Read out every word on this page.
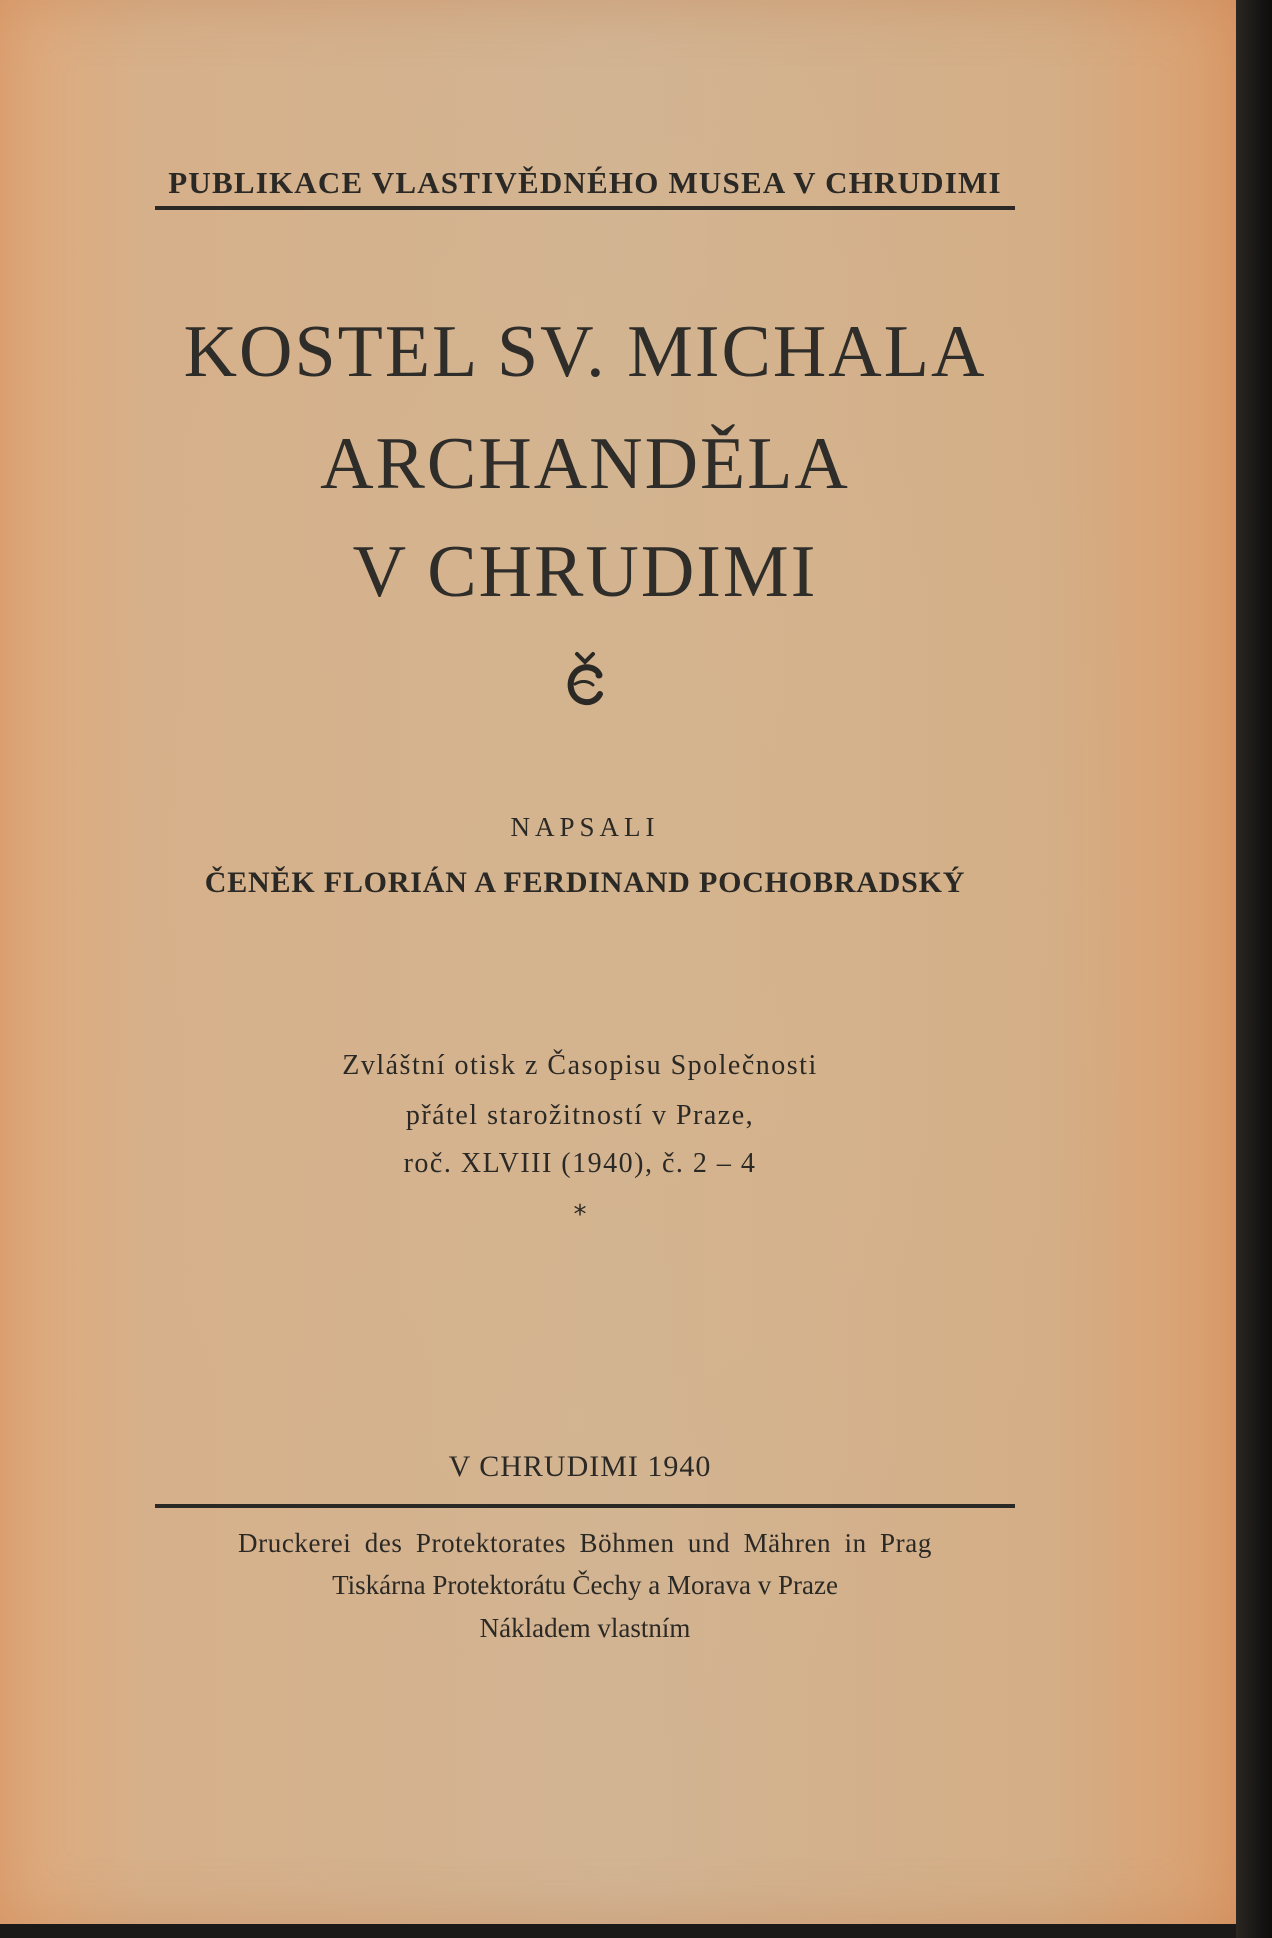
PUBLIKACE VLASTIVĚDNÉHO MUSEA V CHRUDIMI
KOSTEL SV. MICHALA
ARCHANDĚLA
V CHRUDIMI
NAPSALI
ČENĚK FLORIÁN A FERDINAND POCHOBRADSKÝ
Zvláštní otisk z Časopisu Společnosti
přátel starožitností v Praze,
roč. XLVIII (1940), č. 2 – 4
*
V CHRUDIMI 1940
Druckerei des Protektorates Böhmen und Mähren in Prag
Tiskárna Protektorátu Čechy a Morava v Praze
Nákladem vlastním
